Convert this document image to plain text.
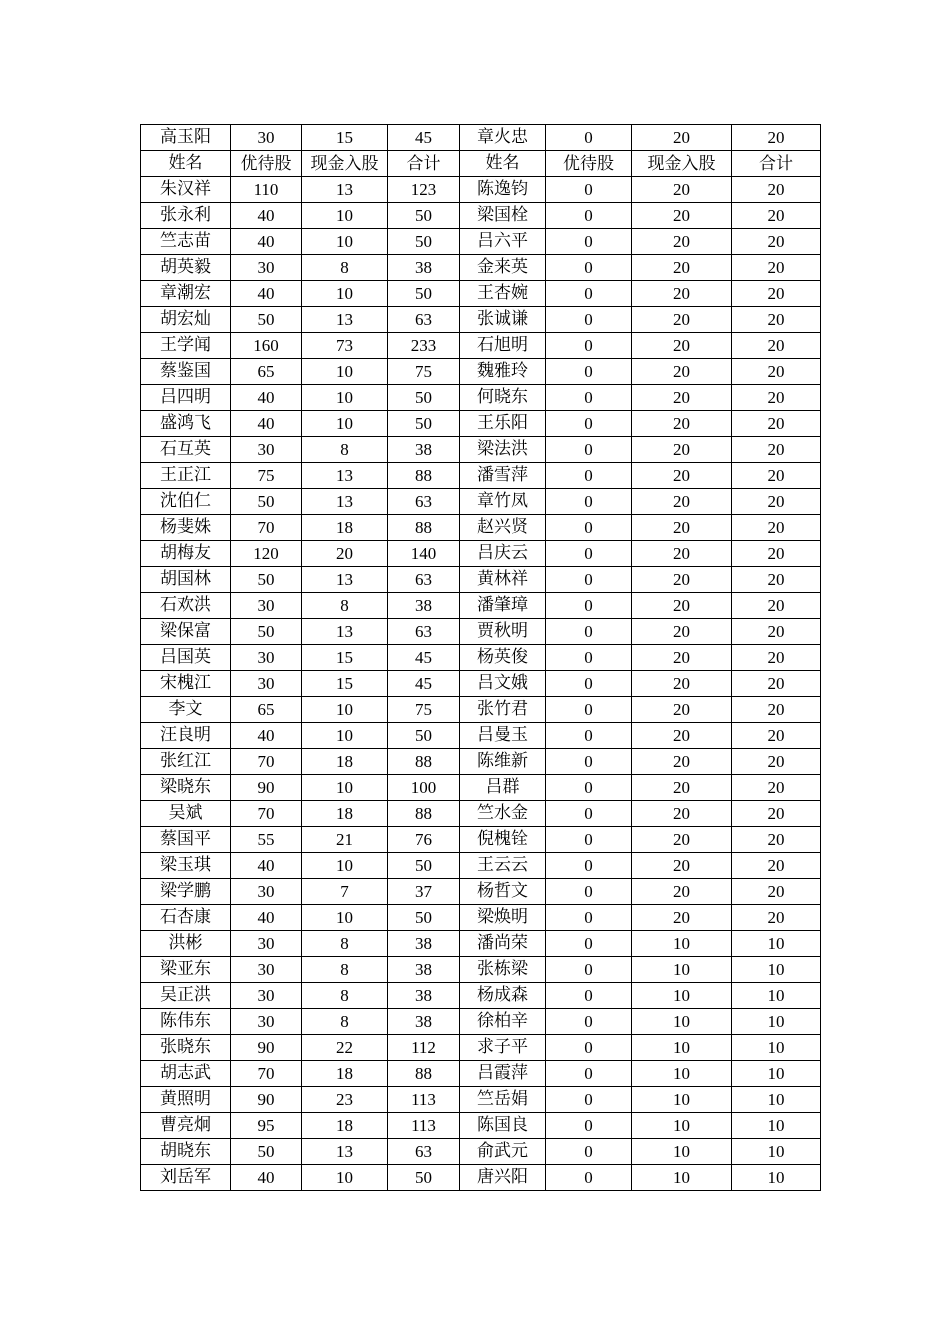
高玉阳	30	15	45	章火忠	0	20	20
姓名	优待股	现金入股	合计	姓名	优待股	现金入股	合计
朱汉祥	110	13	123	陈逸钧	0	20	20
张永利	40	10	50	梁国栓	0	20	20
竺志苗	40	10	50	吕六平	0	20	20
胡英毅	30	8	38	金来英	0	20	20
章潮宏	40	10	50	王杏婉	0	20	20
胡宏灿	50	13	63	张诚谦	0	20	20
王学闻	160	73	233	石旭明	0	20	20
蔡鉴国	65	10	75	魏雅玲	0	20	20
吕四明	40	10	50	何晓东	0	20	20
盛鸿飞	40	10	50	王乐阳	0	20	20
石互英	30	8	38	梁法洪	0	20	20
王正江	75	13	88	潘雪萍	0	20	20
沈伯仁	50	13	63	章竹凤	0	20	20
杨斐姝	70	18	88	赵兴贤	0	20	20
胡梅友	120	20	140	吕庆云	0	20	20
胡国林	50	13	63	黄林祥	0	20	20
石欢洪	30	8	38	潘肇璋	0	20	20
梁保富	50	13	63	贾秋明	0	20	20
吕国英	30	15	45	杨英俊	0	20	20
宋槐江	30	15	45	吕文娥	0	20	20
李文	65	10	75	张竹君	0	20	20
汪良明	40	10	50	吕曼玉	0	20	20
张红江	70	18	88	陈维新	0	20	20
梁晓东	90	10	100	吕群	0	20	20
吴斌	70	18	88	竺水金	0	20	20
蔡国平	55	21	76	倪槐铨	0	20	20
梁玉琪	40	10	50	王云云	0	20	20
梁学鹏	30	7	37	杨哲文	0	20	20
石杏康	40	10	50	梁焕明	0	20	20
洪彬	30	8	38	潘尚荣	0	10	10
梁亚东	30	8	38	张栋梁	0	10	10
吴正洪	30	8	38	杨成森	0	10	10
陈伟东	30	8	38	徐柏辛	0	10	10
张晓东	90	22	112	求子平	0	10	10
胡志武	70	18	88	吕霞萍	0	10	10
黄照明	90	23	113	竺岳娟	0	10	10
曹亮炯	95	18	113	陈国良	0	10	10
胡晓东	50	13	63	俞武元	0	10	10
刘岳军	40	10	50	唐兴阳	0	10	10
